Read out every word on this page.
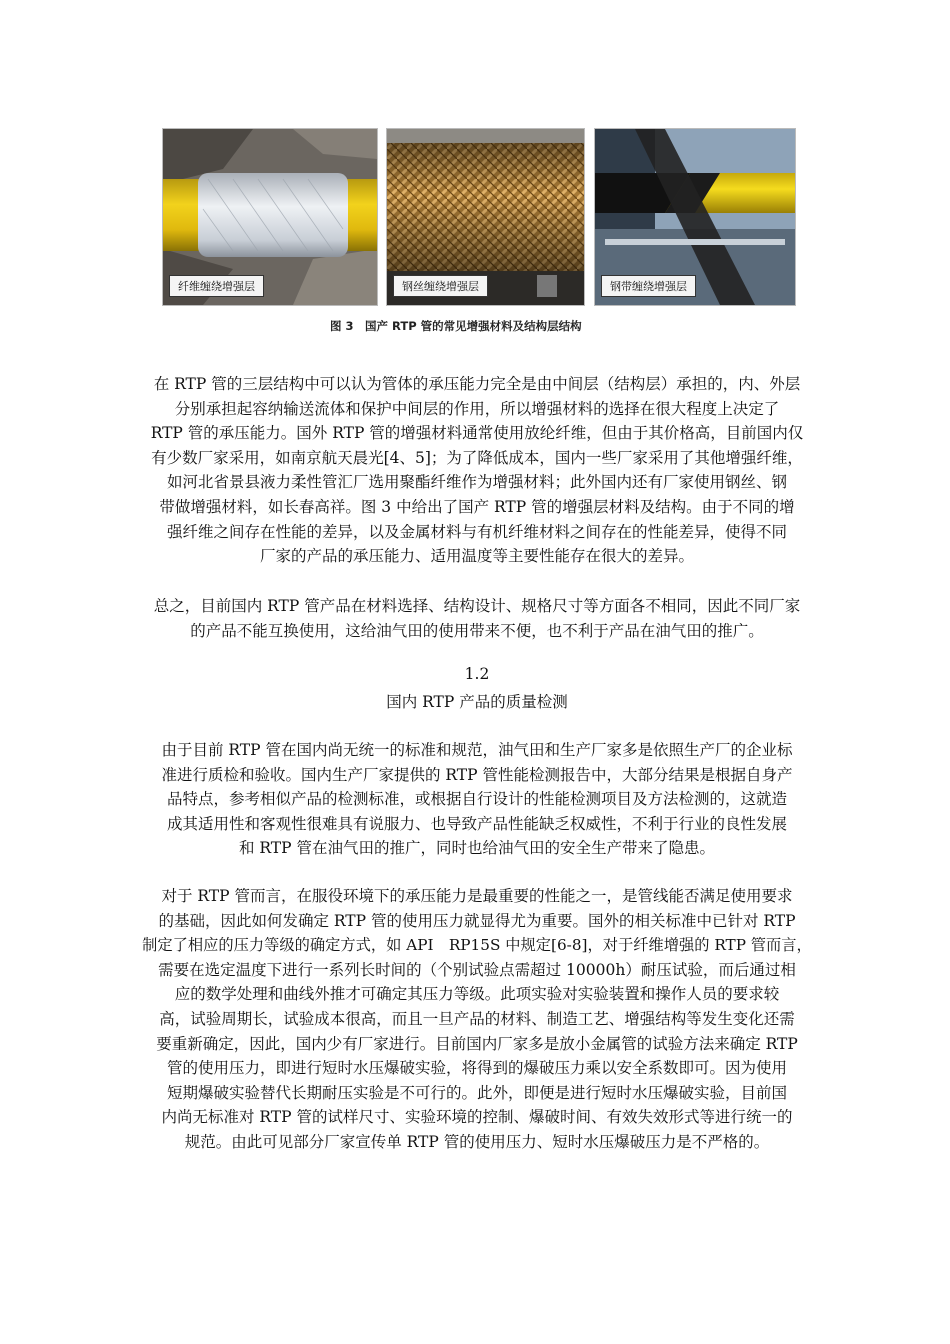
纤维缠绕增强层	钢丝缠绕增强层	钢带缠绕增强层
图 3　国产 RTP 管的常见增强材料及结构层结构
在 RTP 管的三层结构中可以认为管体的承压能力完全是由中间层（结构层）承担的，内、外层
分别承担起容纳输送流体和保护中间层的作用，所以增强材料的选择在很大程度上决定了
RTP 管的承压能力。国外 RTP 管的增强材料通常使用放纶纤维，但由于其价格高，目前国内仅
有少数厂家采用，如南京航天晨光[4、5]；为了降低成本，国内一些厂家采用了其他增强纤维，
如河北省景县液力柔性管汇厂选用聚酯纤维作为增强材料；此外国内还有厂家使用钢丝、钢
带做增强材料，如长春高祥。图 3 中给出了国产 RTP 管的增强层材料及结构。由于不同的增
强纤维之间存在性能的差异，以及金属材料与有机纤维材料之间存在的性能差异，使得不同
厂家的产品的承压能力、适用温度等主要性能存在很大的差异。
总之，目前国内 RTP 管产品在材料选择、结构设计、规格尺寸等方面各不相同，因此不同厂家
的产品不能互换使用，这给油气田的使用带来不便，也不利于产品在油气田的推广。
1.2
国内 RTP 产品的质量检测
由于目前 RTP 管在国内尚无统一的标准和规范，油气田和生产厂家多是依照生产厂的企业标
准进行质检和验收。国内生产厂家提供的 RTP 管性能检测报告中，大部分结果是根据自身产
品特点，参考相似产品的检测标准，或根据自行设计的性能检测项目及方法检测的，这就造
成其适用性和客观性很难具有说服力、也导致产品性能缺乏权威性，不利于行业的良性发展
和 RTP 管在油气田的推广，同时也给油气田的安全生产带来了隐患。
对于 RTP 管而言，在服役环境下的承压能力是最重要的性能之一，是管线能否满足使用要求
的基础，因此如何发确定 RTP 管的使用压力就显得尤为重要。国外的相关标准中已针对 RTP
制定了相应的压力等级的确定方式，如 API　RP15S 中规定[6-8]，对于纤维增强的 RTP 管而言，
需要在选定温度下进行一系列长时间的（个别试验点需超过 10000h）耐压试验，而后通过相
应的数学处理和曲线外推才可确定其压力等级。此项实验对实验装置和操作人员的要求较
高，试验周期长，试验成本很高，而且一旦产品的材料、制造工艺、增强结构等发生变化还需
要重新确定，因此，国内少有厂家进行。目前国内厂家多是放小金属管的试验方法来确定 RTP
管的使用压力，即进行短时水压爆破实验，将得到的爆破压力乘以安全系数即可。因为使用
短期爆破实验替代长期耐压实验是不可行的。此外，即便是进行短时水压爆破实验，目前国
内尚无标准对 RTP 管的试样尺寸、实验环境的控制、爆破时间、有效失效形式等进行统一的
规范。由此可见部分厂家宣传单 RTP 管的使用压力、短时水压爆破压力是不严格的。
